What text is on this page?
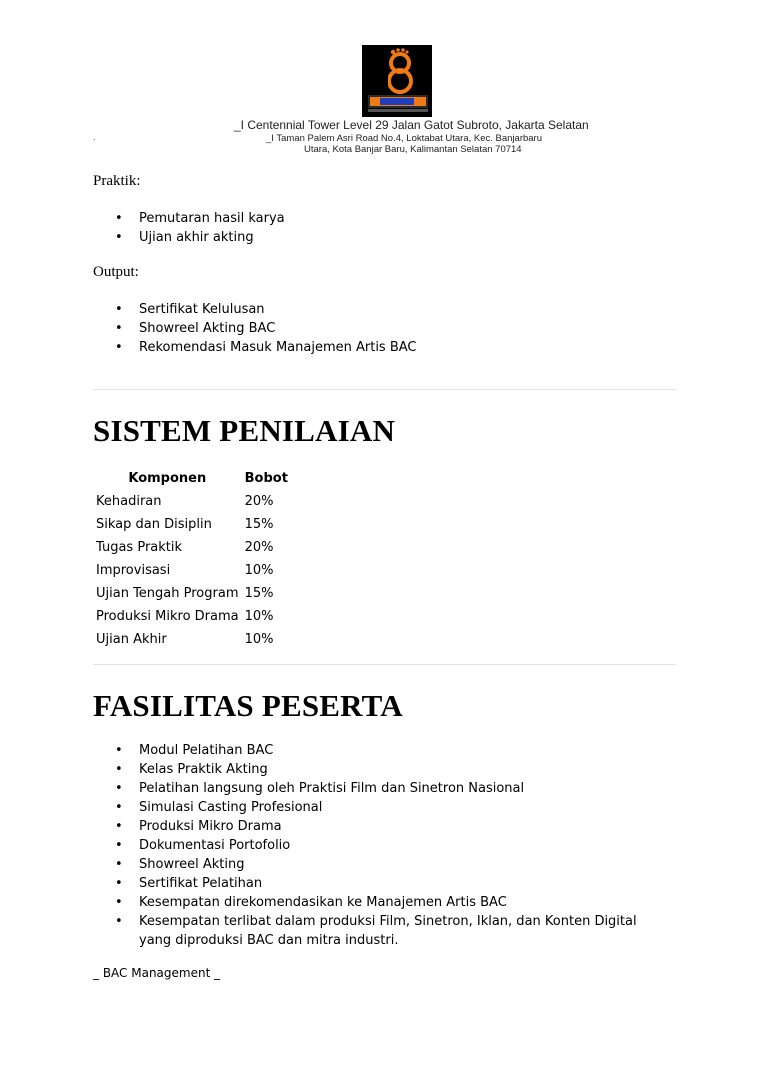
_I Centennial Tower Level 29 Jalan Gatot Subroto, Jakarta Selatan
.	_I Taman Palem Asri Road No.4, Loktabat Utara, Kec. Banjarbaru
Utara, Kota Banjar Baru, Kalimantan Selatan 70714
Praktik:
• Pemutaran hasil karya
• Ujian akhir akting
Output:
• Sertifikat Kelulusan
• Showreel Akting BAC
• Rekomendasi Masuk Manajemen Artis BAC
SISTEM PENILAIAN
Komponen	Bobot
Kehadiran	20%
Sikap dan Disiplin	15%
Tugas Praktik	20%
Improvisasi	10%
Ujian Tengah Program	15%
Produksi Mikro Drama	10%
Ujian Akhir	10%
FASILITAS PESERTA
• Modul Pelatihan BAC
• Kelas Praktik Akting
• Pelatihan langsung oleh Praktisi Film dan Sinetron Nasional
• Simulasi Casting Profesional
• Produksi Mikro Drama
• Dokumentasi Portofolio
• Showreel Akting
• Sertifikat Pelatihan
• Kesempatan direkomendasikan ke Manajemen Artis BAC
• Kesempatan terlibat dalam produksi Film, Sinetron, Iklan, dan Konten Digital yang diproduksi BAC dan mitra industri.
_ BAC Management _
